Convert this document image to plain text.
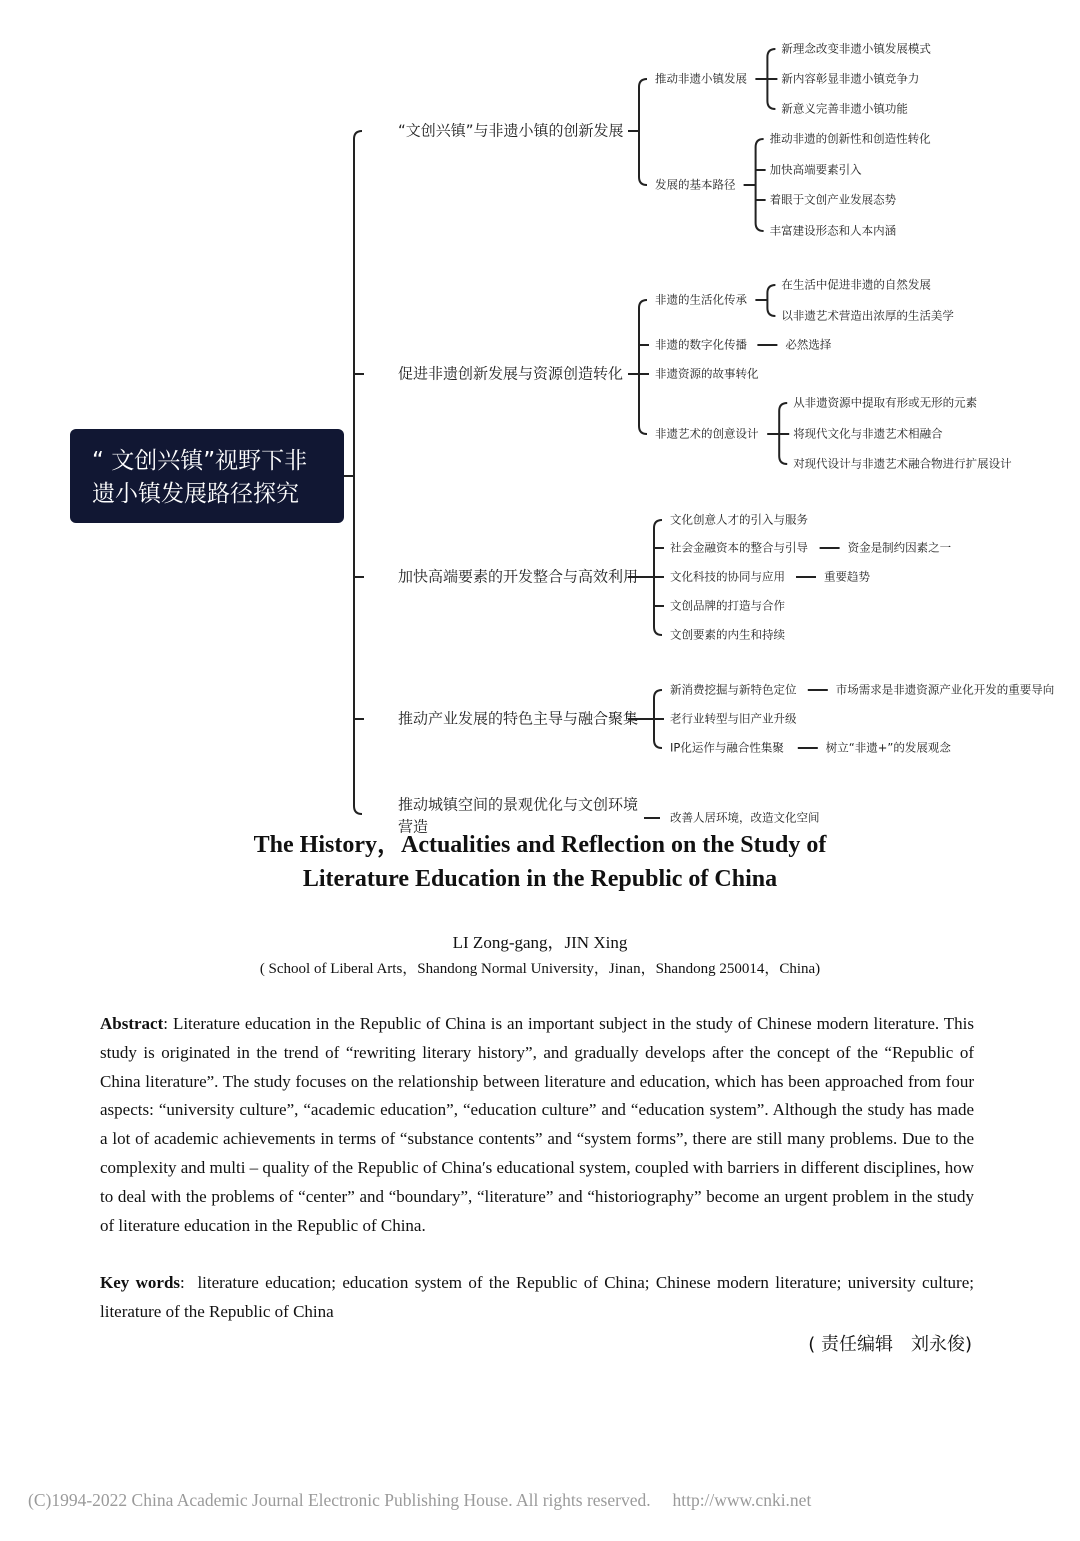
“文创兴镇”与非遗小镇的创新发展
推动非遗小镇发展
新理念改变非遗小镇发展模式
新内容彰显非遗小镇竞争力
新意义完善非遗小镇功能
发展的基本路径
推动非遗的创新性和创造性转化
加快高端要素引入
着眼于文创产业发展态势
丰富建设形态和人本内涵
促进非遗创新发展与资源创造转化
非遗的生活化传承
在生活中促进非遗的自然发展
以非遗艺术营造出浓厚的生活美学
非遗的数字化传播	必然选择
非遗资源的故事转化
非遗艺术的创意设计
从非遗资源中提取有形或无形的元素
将现代文化与非遗艺术相融合
对现代设计与非遗艺术融合物进行扩展设计
加快高端要素的开发整合与高效利用
文化创意人才的引入与服务
社会金融资本的整合与引导	资金是制约因素之一
文化科技的协同与应用	重要趋势
文创品牌的打造与合作
文创要素的内生和持续
推动产业发展的特色主导与融合聚集
新消费挖掘与新特色定位	市场需求是非遗资源产业化开发的重要导向
老行业转型与旧产业升级
IP化运作与融合性集聚	树立“非遗+”的发展观念
推动城镇空间的景观优化与文创环境
营造	改善人居环境，改造文化空间
“ 文创兴镇”视野下非遗小镇发展路径探究
The History，Actualities and Reflection on the Study of
Literature Education in the Republic of China
LI Zong-gang，JIN Xing
( School of Liberal Arts，Shandong Normal University，Jinan，Shandong 250014，China)
Abstract: Literature education in the Republic of China is an important subject in the study of Chinese modern literature. This study is originated in the trend of “rewriting literary history”, and gradually develops after the concept of the “Republic of China literature”. The study focuses on the relationship between literature and education, which has been approached from four aspects: “university culture”, “academic education”, “education culture” and “education system”. Although the study has made a lot of academic achievements in terms of “substance contents” and “system forms”, there are still many problems. Due to the complexity and multi – quality of the Republic of China′s educational system, coupled with barriers in different disciplines, how to deal with the problems of “center” and “boundary”, “literature” and “historiography” become an urgent problem in the study of literature education in the Republic of China.
Key words:  literature education; education system of the Republic of China; Chinese modern literature; university culture; literature of the Republic of China
( 责任编辑　刘永俊)
(C)1994-2022 China Academic Journal Electronic Publishing House. All rights reserved.　 http://www.cnki.net
